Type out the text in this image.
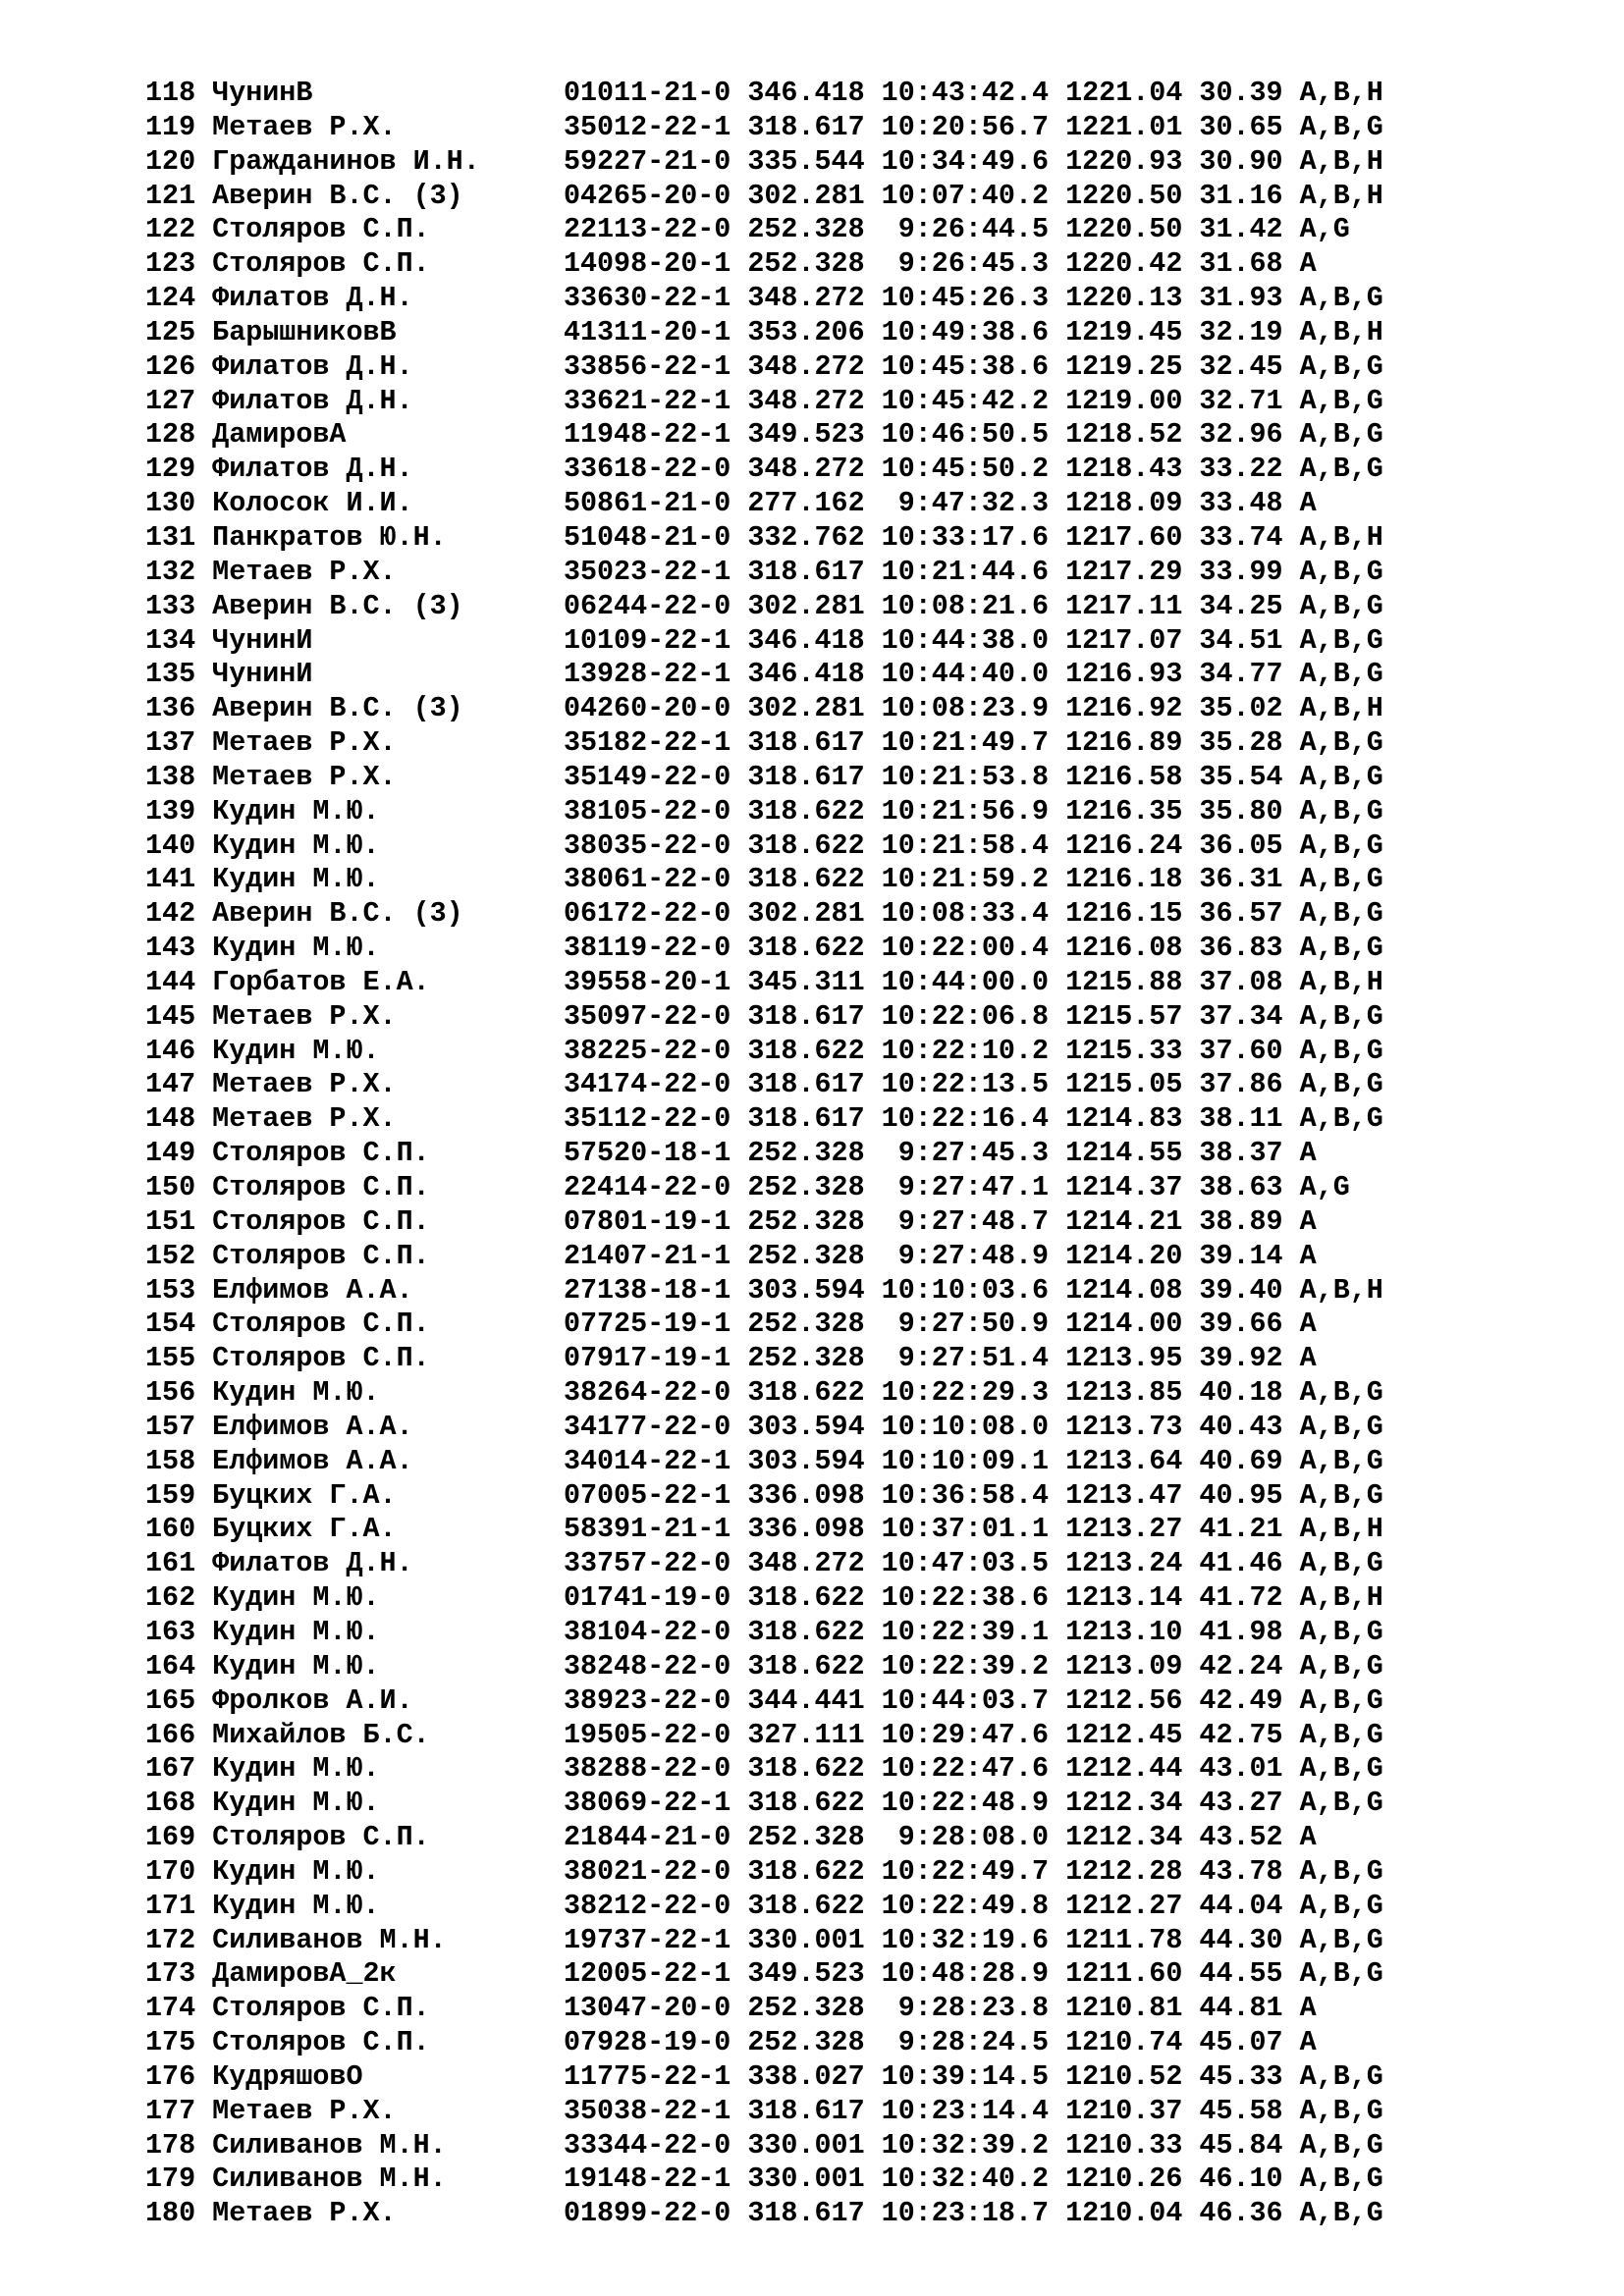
118 ЧунинВ               01011-21-0 346.418 10:43:42.4 1221.04 30.39 A,B,H
119 Метаев Р.Х.          35012-22-1 318.617 10:20:56.7 1221.01 30.65 A,B,G
120 Гражданинов И.Н.     59227-21-0 335.544 10:34:49.6 1220.93 30.90 A,B,H
121 Аверин В.С. (3)      04265-20-0 302.281 10:07:40.2 1220.50 31.16 A,B,H
122 Столяров С.П.        22113-22-0 252.328  9:26:44.5 1220.50 31.42 A,G
123 Столяров С.П.        14098-20-1 252.328  9:26:45.3 1220.42 31.68 A
124 Филатов Д.Н.         33630-22-1 348.272 10:45:26.3 1220.13 31.93 A,B,G
125 БарышниковВ          41311-20-1 353.206 10:49:38.6 1219.45 32.19 A,B,H
126 Филатов Д.Н.         33856-22-1 348.272 10:45:38.6 1219.25 32.45 A,B,G
127 Филатов Д.Н.         33621-22-1 348.272 10:45:42.2 1219.00 32.71 A,B,G
128 ДамировА             11948-22-1 349.523 10:46:50.5 1218.52 32.96 A,B,G
129 Филатов Д.Н.         33618-22-0 348.272 10:45:50.2 1218.43 33.22 A,B,G
130 Колосок И.И.         50861-21-0 277.162  9:47:32.3 1218.09 33.48 A
131 Панкратов Ю.Н.       51048-21-0 332.762 10:33:17.6 1217.60 33.74 A,B,H
132 Метаев Р.Х.          35023-22-1 318.617 10:21:44.6 1217.29 33.99 A,B,G
133 Аверин В.С. (3)      06244-22-0 302.281 10:08:21.6 1217.11 34.25 A,B,G
134 ЧунинИ               10109-22-1 346.418 10:44:38.0 1217.07 34.51 A,B,G
135 ЧунинИ               13928-22-1 346.418 10:44:40.0 1216.93 34.77 A,B,G
136 Аверин В.С. (3)      04260-20-0 302.281 10:08:23.9 1216.92 35.02 A,B,H
137 Метаев Р.Х.          35182-22-1 318.617 10:21:49.7 1216.89 35.28 A,B,G
138 Метаев Р.Х.          35149-22-0 318.617 10:21:53.8 1216.58 35.54 A,B,G
139 Кудин М.Ю.           38105-22-0 318.622 10:21:56.9 1216.35 35.80 A,B,G
140 Кудин М.Ю.           38035-22-0 318.622 10:21:58.4 1216.24 36.05 A,B,G
141 Кудин М.Ю.           38061-22-0 318.622 10:21:59.2 1216.18 36.31 A,B,G
142 Аверин В.С. (3)      06172-22-0 302.281 10:08:33.4 1216.15 36.57 A,B,G
143 Кудин М.Ю.           38119-22-0 318.622 10:22:00.4 1216.08 36.83 A,B,G
144 Горбатов Е.А.        39558-20-1 345.311 10:44:00.0 1215.88 37.08 A,B,H
145 Метаев Р.Х.          35097-22-0 318.617 10:22:06.8 1215.57 37.34 A,B,G
146 Кудин М.Ю.           38225-22-0 318.622 10:22:10.2 1215.33 37.60 A,B,G
147 Метаев Р.Х.          34174-22-0 318.617 10:22:13.5 1215.05 37.86 A,B,G
148 Метаев Р.Х.          35112-22-0 318.617 10:22:16.4 1214.83 38.11 A,B,G
149 Столяров С.П.        57520-18-1 252.328  9:27:45.3 1214.55 38.37 A
150 Столяров С.П.        22414-22-0 252.328  9:27:47.1 1214.37 38.63 A,G
151 Столяров С.П.        07801-19-1 252.328  9:27:48.7 1214.21 38.89 A
152 Столяров С.П.        21407-21-1 252.328  9:27:48.9 1214.20 39.14 A
153 Елфимов А.А.         27138-18-1 303.594 10:10:03.6 1214.08 39.40 A,B,H
154 Столяров С.П.        07725-19-1 252.328  9:27:50.9 1214.00 39.66 A
155 Столяров С.П.        07917-19-1 252.328  9:27:51.4 1213.95 39.92 A
156 Кудин М.Ю.           38264-22-0 318.622 10:22:29.3 1213.85 40.18 A,B,G
157 Елфимов А.А.         34177-22-0 303.594 10:10:08.0 1213.73 40.43 A,B,G
158 Елфимов А.А.         34014-22-1 303.594 10:10:09.1 1213.64 40.69 A,B,G
159 Буцких Г.А.          07005-22-1 336.098 10:36:58.4 1213.47 40.95 A,B,G
160 Буцких Г.А.          58391-21-1 336.098 10:37:01.1 1213.27 41.21 A,B,H
161 Филатов Д.Н.         33757-22-0 348.272 10:47:03.5 1213.24 41.46 A,B,G
162 Кудин М.Ю.           01741-19-0 318.622 10:22:38.6 1213.14 41.72 A,B,H
163 Кудин М.Ю.           38104-22-0 318.622 10:22:39.1 1213.10 41.98 A,B,G
164 Кудин М.Ю.           38248-22-0 318.622 10:22:39.2 1213.09 42.24 A,B,G
165 Фролков А.И.         38923-22-0 344.441 10:44:03.7 1212.56 42.49 A,B,G
166 Михайлов Б.С.        19505-22-0 327.111 10:29:47.6 1212.45 42.75 A,B,G
167 Кудин М.Ю.           38288-22-0 318.622 10:22:47.6 1212.44 43.01 A,B,G
168 Кудин М.Ю.           38069-22-1 318.622 10:22:48.9 1212.34 43.27 A,B,G
169 Столяров С.П.        21844-21-0 252.328  9:28:08.0 1212.34 43.52 A
170 Кудин М.Ю.           38021-22-0 318.622 10:22:49.7 1212.28 43.78 A,B,G
171 Кудин М.Ю.           38212-22-0 318.622 10:22:49.8 1212.27 44.04 A,B,G
172 Силиванов М.Н.       19737-22-1 330.001 10:32:19.6 1211.78 44.30 A,B,G
173 ДамировА_2к          12005-22-1 349.523 10:48:28.9 1211.60 44.55 A,B,G
174 Столяров С.П.        13047-20-0 252.328  9:28:23.8 1210.81 44.81 A
175 Столяров С.П.        07928-19-0 252.328  9:28:24.5 1210.74 45.07 A
176 КудряшовО            11775-22-1 338.027 10:39:14.5 1210.52 45.33 A,B,G
177 Метаев Р.Х.          35038-22-1 318.617 10:23:14.4 1210.37 45.58 A,B,G
178 Силиванов М.Н.       33344-22-0 330.001 10:32:39.2 1210.33 45.84 A,B,G
179 Силиванов М.Н.       19148-22-1 330.001 10:32:40.2 1210.26 46.10 A,B,G
180 Метаев Р.Х.          01899-22-0 318.617 10:23:18.7 1210.04 46.36 A,B,G
